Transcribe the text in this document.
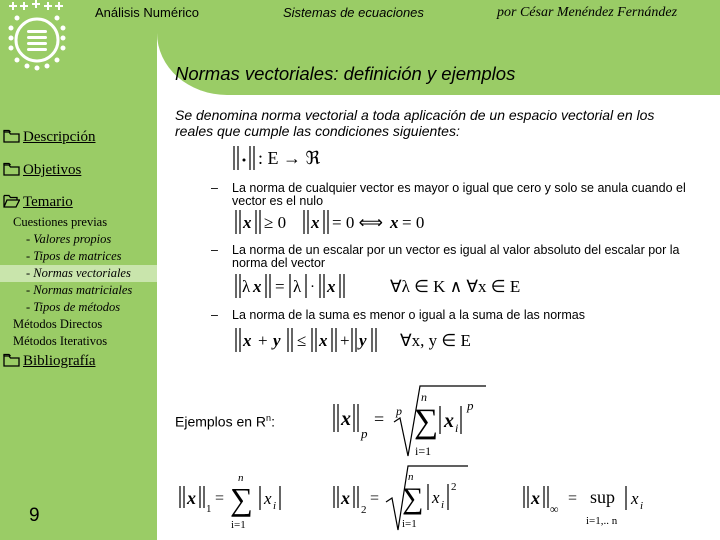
Análisis Numérico	Sistemas de ecuaciones	por César Menéndez Fernández
Normas vectoriales: definición y ejemplos
Descripción
Objetivos
Temario
Cuestiones previas
- Valores propios
- Tipos de matrices
- Normas vectoriales
- Normas matriciales
- Tipos de métodos
Métodos Directos
Métodos Iterativos
Bibliografía
9
Se denomina norma vectorial a toda aplicación de un espacio vectorial en los reales que cumple las condiciones siguientes:
: E → ℜ
– La norma de cualquier vector es mayor o igual que cero y solo se anula cuando el vector es el nulo
x ≥ 0 x = 0 ⟺ x = 0
– La norma de un escalar por un vector es igual al valor absoluto del escalar por la norma del vector
λ x = λ · x	∀λ ∈ K ∧ ∀x ∈ E
– La norma de la suma es menor o igual a la suma de las normas
x + y ≤ x + y ∀x, y ∈ E
Ejemplos en $R^n$:	x
p
= p
n
∑
i=1
x i
p
x
1
=
n
∑
i=1
x i	x
2
=
n
∑
i=1
x i
2
x
∞
= sup
i=1,.. n
x i
